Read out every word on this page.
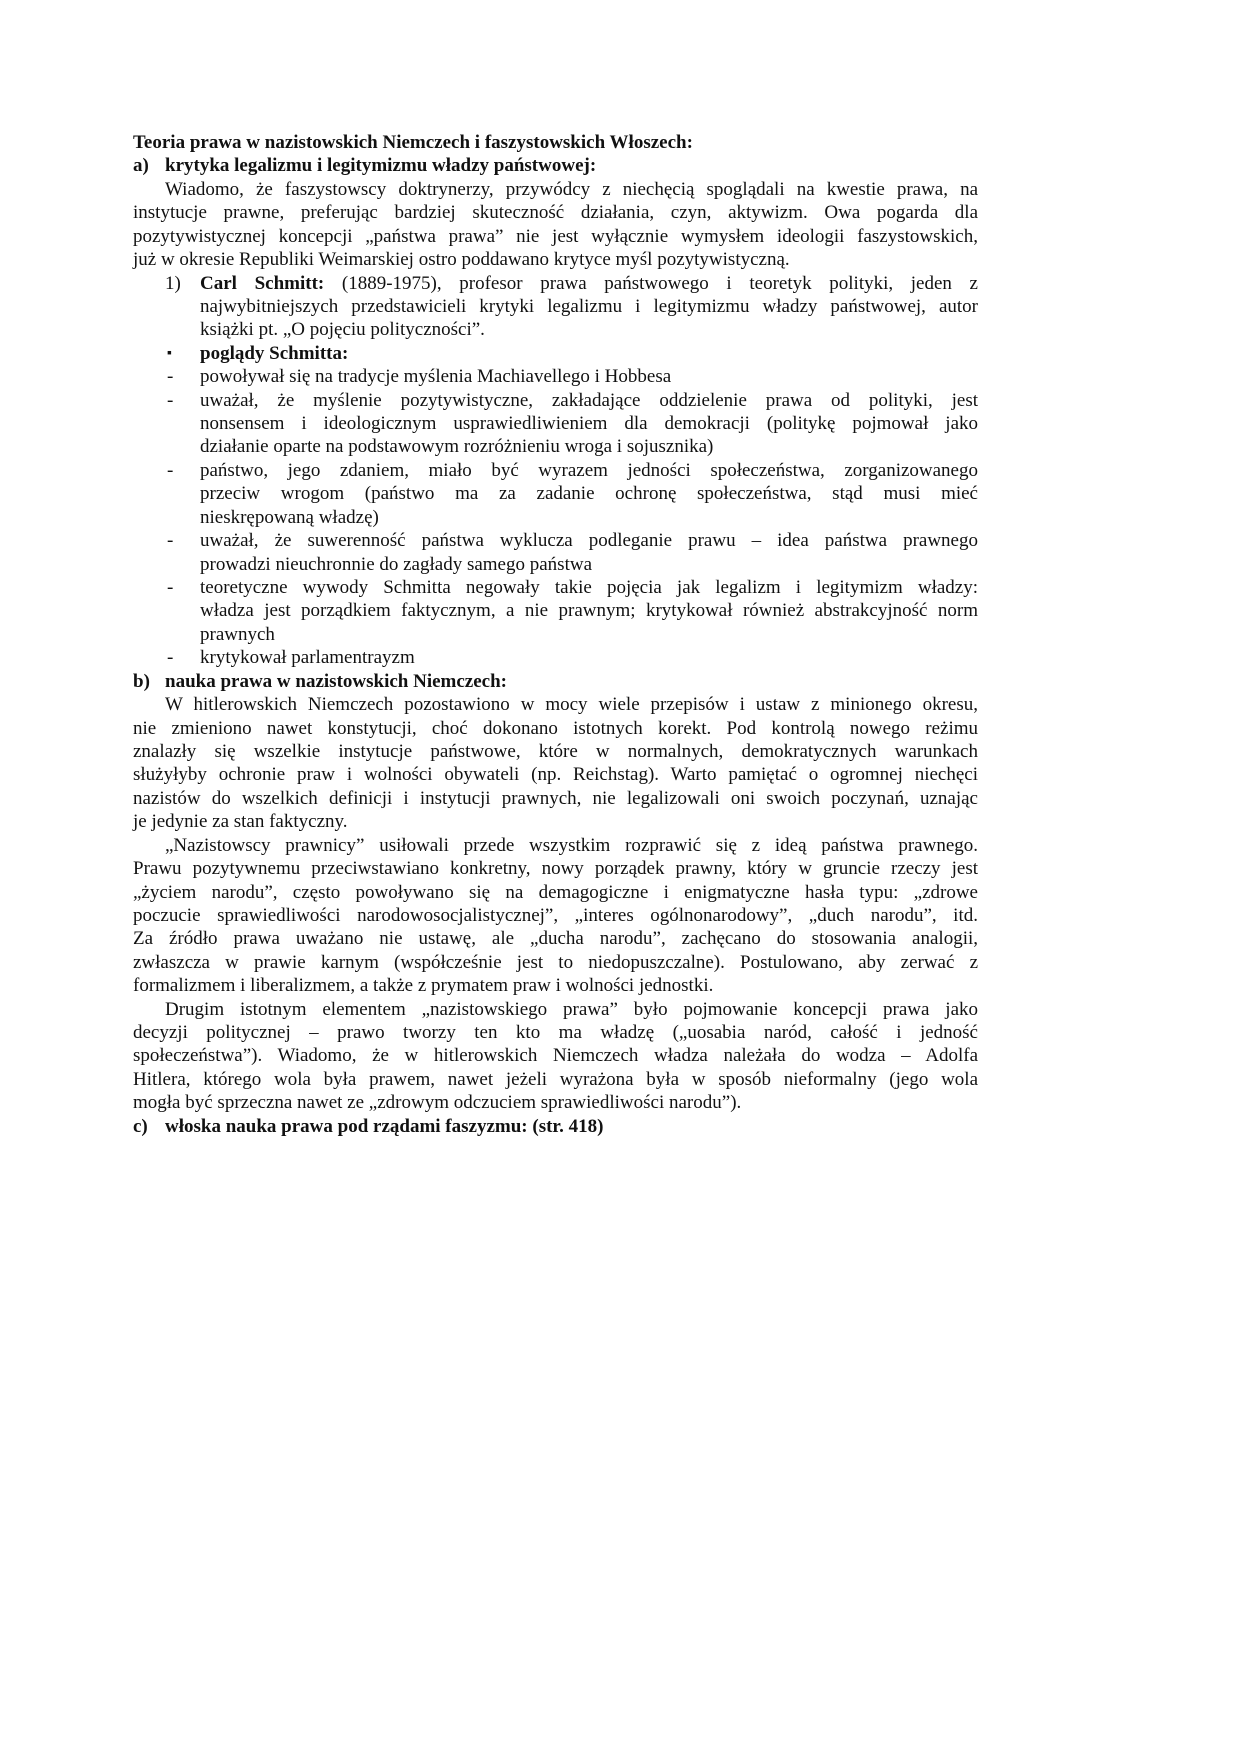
Teoria prawa w nazistowskich Niemczech i faszystowskich Włoszech:
a) krytyka legalizmu i legitymizmu władzy państwowej:
Wiadomo, że faszystowscy doktrynerzy, przywódcy z niechęcią spoglądali na kwestie prawa, na
instytucje prawne, preferując bardziej skuteczność działania, czyn, aktywizm. Owa pogarda dla
pozytywistycznej koncepcji „państwa prawa” nie jest wyłącznie wymysłem ideologii faszystowskich,
już w okresie Republiki Weimarskiej ostro poddawano krytyce myśl pozytywistyczną.
1) Carl Schmitt: (1889-1975), profesor prawa państwowego i teoretyk polityki, jeden z
najwybitniejszych przedstawicieli krytyki legalizmu i legitymizmu władzy państwowej, autor
książki pt. „O pojęciu polityczności”.
▪ poglądy Schmitta:
- powoływał się na tradycje myślenia Machiavellego i Hobbesa
- uważał, że myślenie pozytywistyczne, zakładające oddzielenie prawa od polityki, jest
nonsensem i ideologicznym usprawiedliwieniem dla demokracji (politykę pojmował jako
działanie oparte na podstawowym rozróżnieniu wroga i sojusznika)
- państwo, jego zdaniem, miało być wyrazem jedności społeczeństwa, zorganizowanego
przeciw wrogom (państwo ma za zadanie ochronę społeczeństwa, stąd musi mieć
nieskrępowaną władzę)
- uważał, że suwerenność państwa wyklucza podleganie prawu – idea państwa prawnego
prowadzi nieuchronnie do zagłady samego państwa
- teoretyczne wywody Schmitta negowały takie pojęcia jak legalizm i legitymizm władzy:
władza jest porządkiem faktycznym, a nie prawnym; krytykował również abstrakcyjność norm
prawnych
- krytykował parlamentrayzm
b) nauka prawa w nazistowskich Niemczech:
W hitlerowskich Niemczech pozostawiono w mocy wiele przepisów i ustaw z minionego okresu,
nie zmieniono nawet konstytucji, choć dokonano istotnych korekt. Pod kontrolą nowego reżimu
znalazły się wszelkie instytucje państwowe, które w normalnych, demokratycznych warunkach
służyłyby ochronie praw i wolności obywateli (np. Reichstag). Warto pamiętać o ogromnej niechęci
nazistów do wszelkich definicji i instytucji prawnych, nie legalizowali oni swoich poczynań, uznając
je jedynie za stan faktyczny.
„Nazistowscy prawnicy” usiłowali przede wszystkim rozprawić się z ideą państwa prawnego.
Prawu pozytywnemu przeciwstawiano konkretny, nowy porządek prawny, który w gruncie rzeczy jest
„życiem narodu”, często powoływano się na demagogiczne i enigmatyczne hasła typu: „zdrowe
poczucie sprawiedliwości narodowosocjalistycznej”, „interes ogólnonarodowy”, „duch narodu”, itd.
Za źródło prawa uważano nie ustawę, ale „ducha narodu”, zachęcano do stosowania analogii,
zwłaszcza w prawie karnym (współcześnie jest to niedopuszczalne). Postulowano, aby zerwać z
formalizmem i liberalizmem, a także z prymatem praw i wolności jednostki.
Drugim istotnym elementem „nazistowskiego prawa” było pojmowanie koncepcji prawa jako
decyzji politycznej – prawo tworzy ten kto ma władzę („uosabia naród, całość i jedność
społeczeństwa”). Wiadomo, że w hitlerowskich Niemczech władza należała do wodza – Adolfa
Hitlera, którego wola była prawem, nawet jeżeli wyrażona była w sposób nieformalny (jego wola
mogła być sprzeczna nawet ze „zdrowym odczuciem sprawiedliwości narodu”).
c) włoska nauka prawa pod rządami faszyzmu: (str. 418)
